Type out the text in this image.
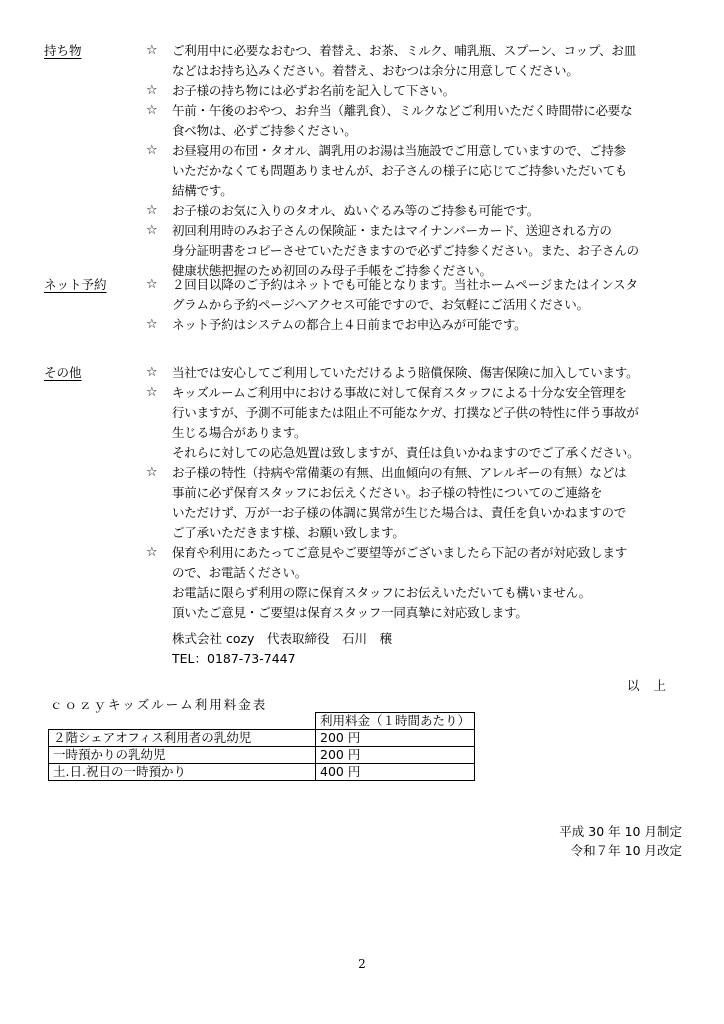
持ち物	☆ ご利用中に必要なおむつ、着替え、お茶、ミルク、哺乳瓶、スプーン、コップ、お皿
などはお持ち込みください。着替え、おむつは余分に用意してください。
☆ お子様の持ち物には必ずお名前を記入して下さい。
☆ 午前・午後のおやつ、お弁当（離乳食）、ミルクなどご利用いただく時間帯に必要な
食べ物は、必ずご持参ください。
☆ お昼寝用の布団・タオル、調乳用のお湯は当施設でご用意していますので、ご持参
いただかなくても問題ありませんが、お子さんの様子に応じてご持参いただいても
結構です。
☆ お子様のお気に入りのタオル、ぬいぐるみ等のご持参も可能です。
☆ 初回利用時のみお子さんの保険証・またはマイナンバーカード、送迎される方の
身分証明書をコピーさせていただきますので必ずご持参ください。また、お子さんの
健康状態把握のため初回のみ母子手帳をご持参ください。
ネット予約	☆ ２回目以降のご予約はネットでも可能となります。当社ホームページまたはインスタ
グラムから予約ページへアクセス可能ですので、お気軽にご活用ください。
☆ ネット予約はシステムの都合上４日前までお申込みが可能です。
その他	☆ 当社では安心してご利用していただけるよう賠償保険、傷害保険に加入しています。
☆ キッズルームご利用中における事故に対して保育スタッフによる十分な安全管理を
行いますが、予測不可能または阻止不可能なケガ、打撲など子供の特性に伴う事故が
生じる場合があります。
それらに対しての応急処置は致しますが、責任は負いかねますのでご了承ください。
☆ お子様の特性（持病や常備薬の有無、出血傾向の有無、アレルギーの有無）などは
事前に必ず保育スタッフにお伝えください。お子様の特性についてのご連絡を
いただけず、万が一お子様の体調に異常が生じた場合は、責任を負いかねますので
ご了承いただきます様、お願い致します。
☆ 保育や利用にあたってご意見やご要望等がございましたら下記の者が対応致します
ので、お電話ください。
お電話に限らず利用の際に保育スタッフにお伝えいただいても構いません。
頂いたご意見・ご要望は保育スタッフ一同真摯に対応致します。
株式会社 cozy　代表取締役　石川　穣
TEL：0187-73-7447
以上
ｃｏｚｙキッズルーム利用料金表
	利用料金（１時間あたり）
２階シェアオフィス利用者の乳幼児	200 円
一時預かりの乳幼児	200 円
土.日.祝日の一時預かり	400 円
平成 30 年 10 月制定
令和７年 10 月改定
2
